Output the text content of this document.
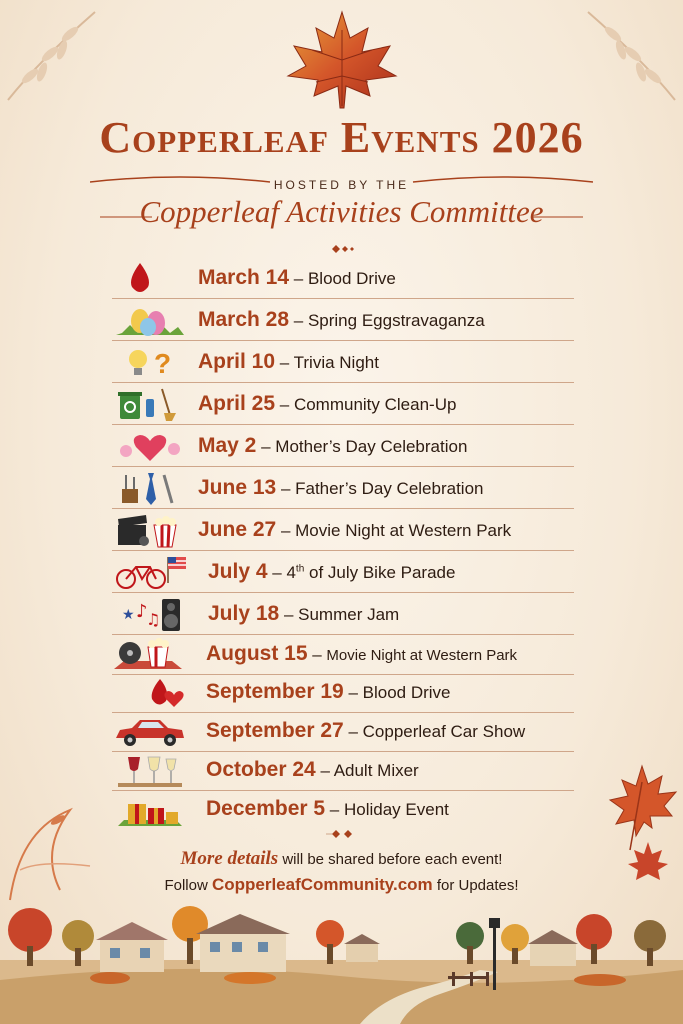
Copperleaf Events 2026
HOSTED BY THE
Copperleaf Activities Committee
March 14 – Blood Drive
March 28 – Spring Eggstravaganza
? April 10 – Trivia Night
April 25 – Community Clean-Up
May 2 – Mother’s Day Celebration
June 13 – Father’s Day Celebration
June 27 – Movie Night at Western Park
July 4 – 4th of July Bike Parade
★ ♪
♫ July 18 – Summer Jam
August 15 – Movie Night at Western Park
September 19 – Blood Drive
September 27 – Copperleaf Car Show
October 24 – Adult Mixer
December 5 – Holiday Event
More details will be shared before each event!
Follow CopperleafCommunity.com for Updates!
